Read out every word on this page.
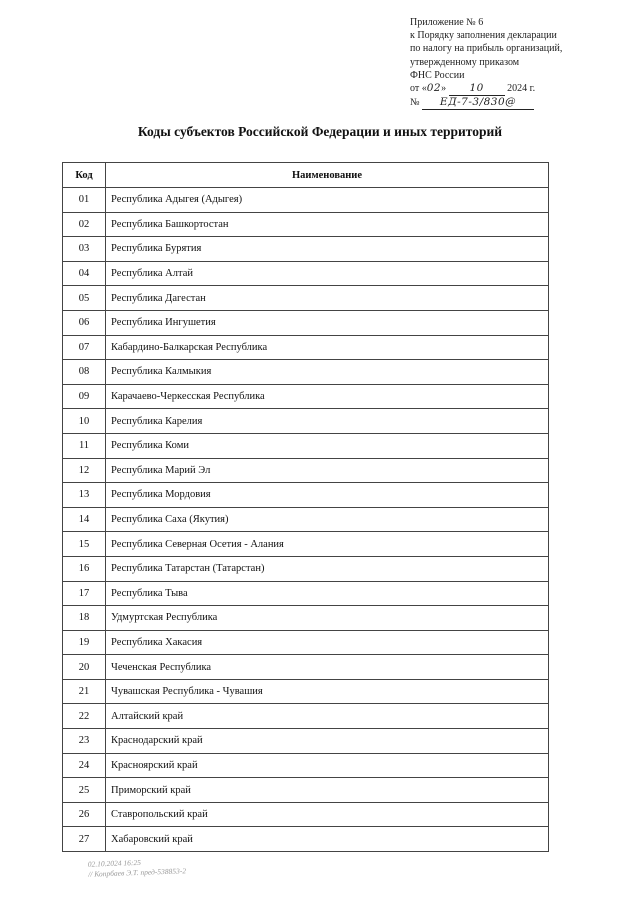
Приложение № 6
к Порядку заполнения декларации
по налогу на прибыль организаций,
утвержденному приказом
ФНС России
от «02» 10 2024 г.
№ ЕД-7-3/830@
Коды субъектов Российской Федерации и иных территорий
Код	Наименование
01	Республика Адыгея (Адыгея)
02	Республика Башкортостан
03	Республика Бурятия
04	Республика Алтай
05	Республика Дагестан
06	Республика Ингушетия
07	Кабардино-Балкарская Республика
08	Республика Калмыкия
09	Карачаево-Черкесская Республика
10	Республика Карелия
11	Республика Коми
12	Республика Марий Эл
13	Республика Мордовия
14	Республика Саха (Якутия)
15	Республика Северная Осетия - Алания
16	Республика Татарстан (Татарстан)
17	Республика Тыва
18	Удмуртская Республика
19	Республика Хакасия
20	Чеченская Республика
21	Чувашская Республика - Чувашия
22	Алтайский край
23	Краснодарский край
24	Красноярский край
25	Приморский край
26	Ставропольский край
27	Хабаровский край
02.10.2024 16:25
// Копрбаев Э.Т. пред-538853-2
